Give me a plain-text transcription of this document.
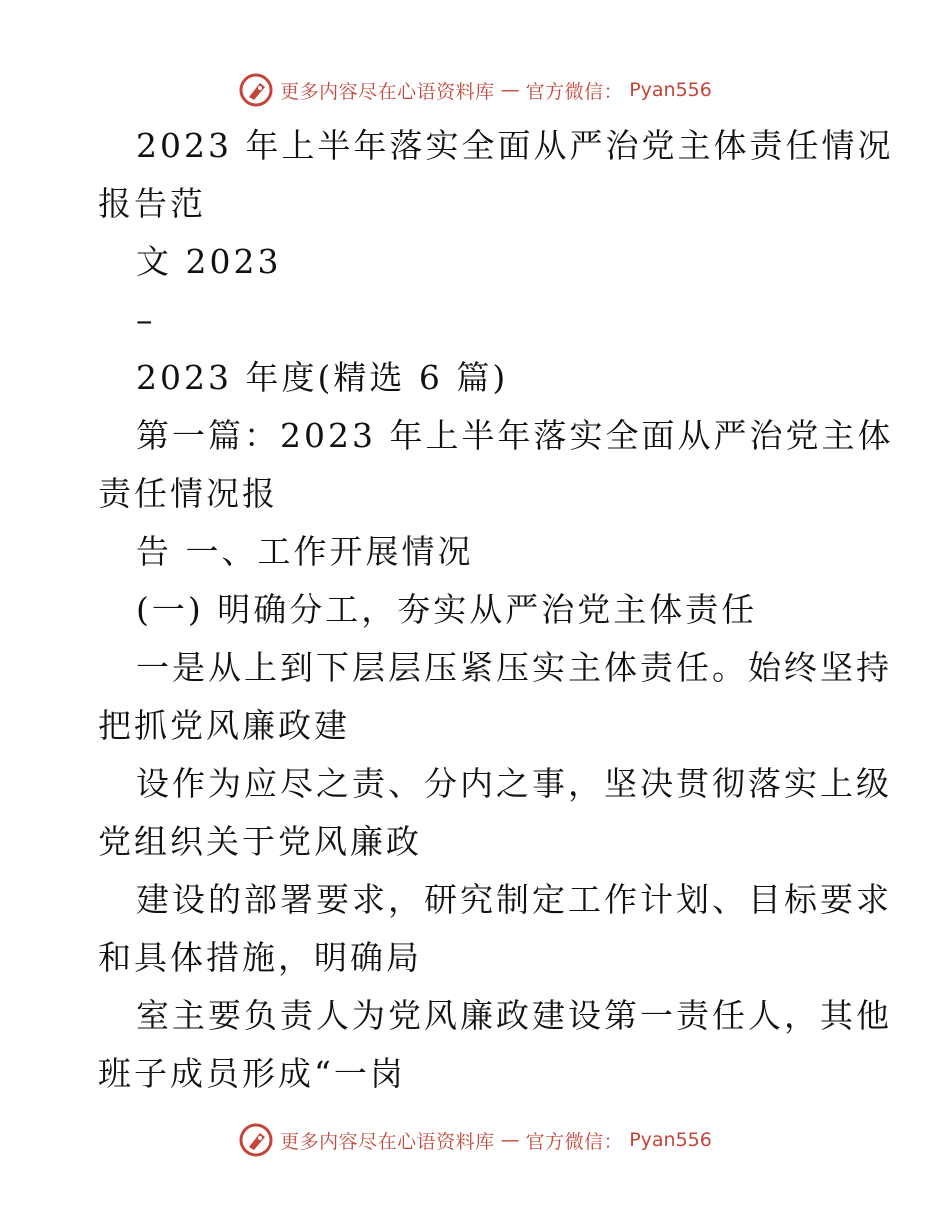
更多内容尽在心语资料库 — 官方微信： Pyan556
2023 年上半年落实全面从严治党主体责任情况
报告范
文 2023
–
2023 年度(精选 6 篇)
第一篇：2023 年上半年落实全面从严治党主体
责任情况报
告 一、工作开展情况
(一) 明确分工，夯实从严治党主体责任
一是从上到下层层压紧压实主体责任。始终坚持
把抓党风廉政建
设作为应尽之责、分内之事，坚决贯彻落实上级
党组织关于党风廉政
建设的部署要求，研究制定工作计划、目标要求
和具体措施，明确局
室主要负责人为党风廉政建设第一责任人，其他
班子成员形成“一岗
更多内容尽在心语资料库 — 官方微信： Pyan556
